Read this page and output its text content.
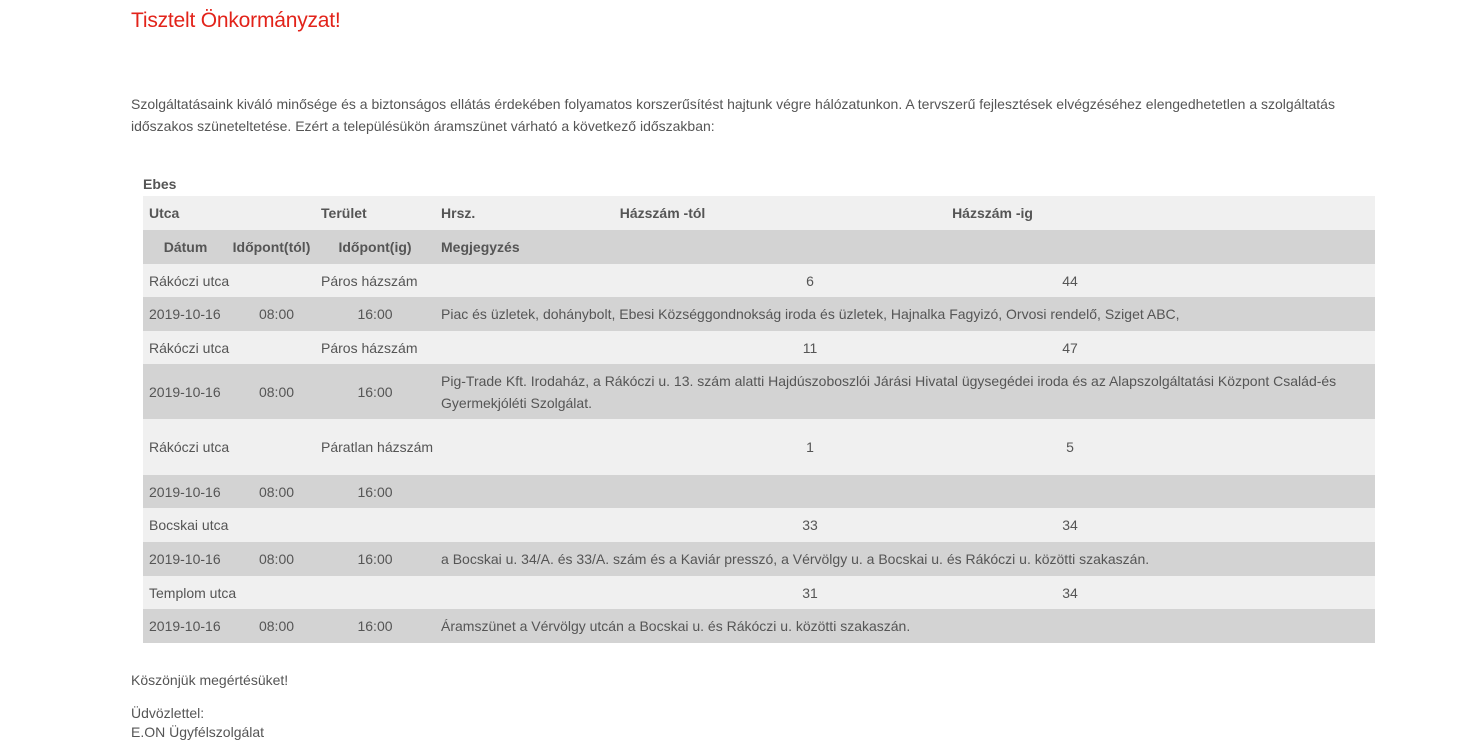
Tisztelt Önkormányzat!

Szolgáltatásaink kiváló minősége és a biztonságos ellátás érdekében folyamatos korszerűsítést hajtunk végre hálózatunkon. A tervszerű fejlesztések elvégzéséhez elengedhetetlen a szolgáltatás időszakos szüneteltetése. Ezért a településükön áramszünet várható a következő időszakban:

Ebes

Utca		Terület	Hrsz.	Házszám -tól	Házszám -ig	
Dátum	Időpont(tól)	Időpont(ig)	Megjegyzés			
Rákóczi utca		Páros házszám		6		44
2019-10-16	08:00	16:00	Piac és üzletek, dohánybolt, Ebesi Községgondnokság iroda és üzletek, Hajnalka Fagyizó, Orvosi rendelő, Sziget ABC,			
Rákóczi utca		Páros házszám		11		47
2019-10-16	08:00	16:00	Pig-Trade Kft. Irodaház, a Rákóczi u. 13. szám alatti Hajdúszoboszlói Járási Hivatal ügysegédei iroda és az Alapszolgáltatási Központ Család-és Gyermekjóléti Szolgálat.			
Rákóczi utca		Páratlan házszám		1		5
2019-10-16	08:00	16:00				
Bocskai utca				33		34
2019-10-16	08:00	16:00	a Bocskai u. 34/A. és 33/A. szám és a Kaviár presszó, a Vérvölgy u. a Bocskai u. és Rákóczi u. közötti szakaszán.			
Templom utca				31		34
2019-10-16	08:00	16:00	Áramszünet a Vérvölgy utcán a Bocskai u. és Rákóczi u. közötti szakaszán.			

Köszönjük megértésüket!

Üdvözlettel:
E.ON Ügyfélszolgálat
